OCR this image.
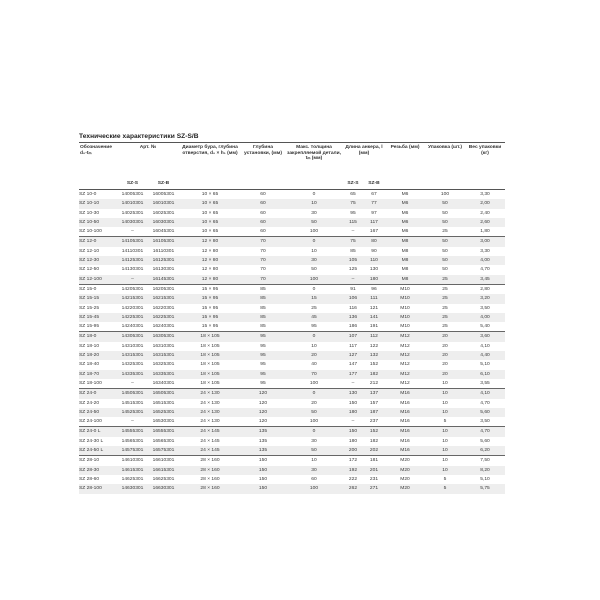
Технические характеристики SZ-S/B
Обозначение d₀-tₘ	Арт. №		Диаметр бура, глубина отверстия, d₀ × h₁ (мм)	Глубина установки, (мм)	Макс. толщина закрепляемой детали, tₘ (мм)	Длина анкера, l (мм)		Резьба (мм)	Упаковка (шт.)	Вес упаковки (кг)
	SZ-S	SZ-B				SZ-S	SZ-B			
SZ 10-0	14005301	16005301	10 × 65	60	0	65	67	M6	100	3,30
SZ 10-10	14010301	16010301	10 × 65	60	10	75	77	M6	50	2,00
SZ 10-30	14025301	16025301	10 × 65	60	30	95	97	M6	50	2,40
SZ 10-50	14030301	16030301	10 × 65	60	50	115	117	M6	50	2,60
SZ 10-100	–	16045301	10 × 65	60	100	–	167	M6	25	1,80
SZ 12-0	14105301	16105301	12 × 80	70	0	75	80	M8	50	3,00
SZ 12-10	14110301	16110301	12 × 80	70	10	85	90	M8	50	3,30
SZ 12-30	14125301	16125301	12 × 80	70	30	105	110	M8	50	4,00
SZ 12-50	14130301	16130301	12 × 80	70	50	125	130	M8	50	4,70
SZ 12-100	–	16145301	12 × 80	70	100	–	180	M8	25	3,45
SZ 15-0	14205301	16205301	15 × 95	85	0	91	96	M10	25	2,80
SZ 15-15	14215301	16215301	15 × 95	85	15	106	111	M10	25	3,20
SZ 15-25	14220301	16220301	15 × 95	85	25	116	121	M10	25	3,50
SZ 15-45	14225301	16225301	15 × 95	85	45	136	141	M10	25	4,00
SZ 15-95	14240301	16240301	15 × 95	85	95	186	191	M10	25	5,40
SZ 18-0	14305301	16305301	18 × 105	95	0	107	112	M12	20	3,60
SZ 18-10	14310301	16310301	18 × 105	95	10	117	122	M12	20	4,10
SZ 18-20	14315301	16315301	18 × 105	95	20	127	132	M12	20	4,40
SZ 18-40	14325301	16325301	18 × 105	95	40	147	152	M12	20	5,10
SZ 18-70	14335301	16335301	18 × 105	95	70	177	182	M12	20	6,10
SZ 18-100	–	16340301	18 × 105	95	100	–	212	M12	10	3,55
SZ 24-0	14505301	16505301	24 × 130	120	0	130	137	M16	10	4,10
SZ 24-20	14515301	16515301	24 × 130	120	20	150	157	M16	10	4,70
SZ 24-50	14525301	16525301	24 × 130	120	50	180	187	M16	10	5,60
SZ 24-100	–	16530301	24 × 130	120	100	–	237	M16	5	3,50
SZ 24-0 L	14555301	16555301	24 × 145	135	0	150	152	M16	10	4,70
SZ 24-30 L	14565301	16565301	24 × 145	135	30	180	182	M16	10	5,60
SZ 24-50 L	14575301	16575301	24 × 145	135	50	200	202	M16	10	6,20
SZ 28-10	14610301	16610301	28 × 160	150	10	172	181	M20	10	7,50
SZ 28-30	14615301	16615301	28 × 160	150	30	192	201	M20	10	8,20
SZ 28-60	14625301	16625301	28 × 160	150	60	222	231	M20	5	5,10
SZ 28-100	14630301	16630301	28 × 160	150	100	262	271	M20	5	5,75
